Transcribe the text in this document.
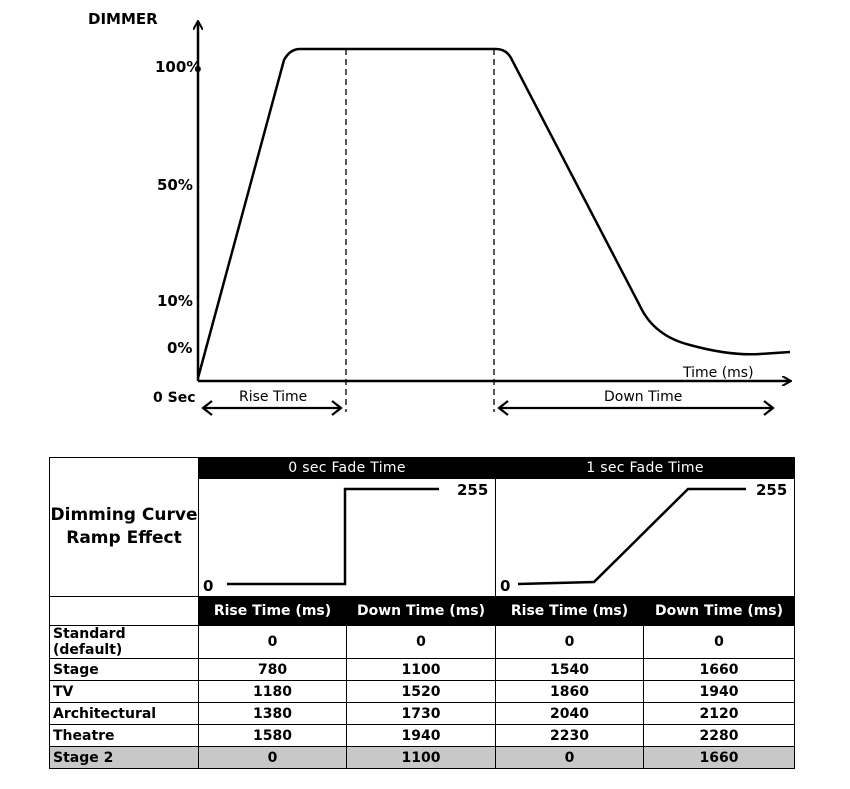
DIMMER
100%
50%
10%
0%
Time (ms)
0 Sec	Rise Time	Down Time
Dimming Curve
Ramp Effect	0 sec Fade Time		1 sec Fade Time	

0
255		0
255	

	Rise Time (ms)	Down Time (ms)	Rise Time (ms)	Down Time (ms)
Standard (default)	0	0	0	0
Stage	780	1100	1540	1660
TV	1180	1520	1860	1940
Architectural	1380	1730	2040	2120
Theatre	1580	1940	2230	2280
Stage 2	0	1100	0	1660
